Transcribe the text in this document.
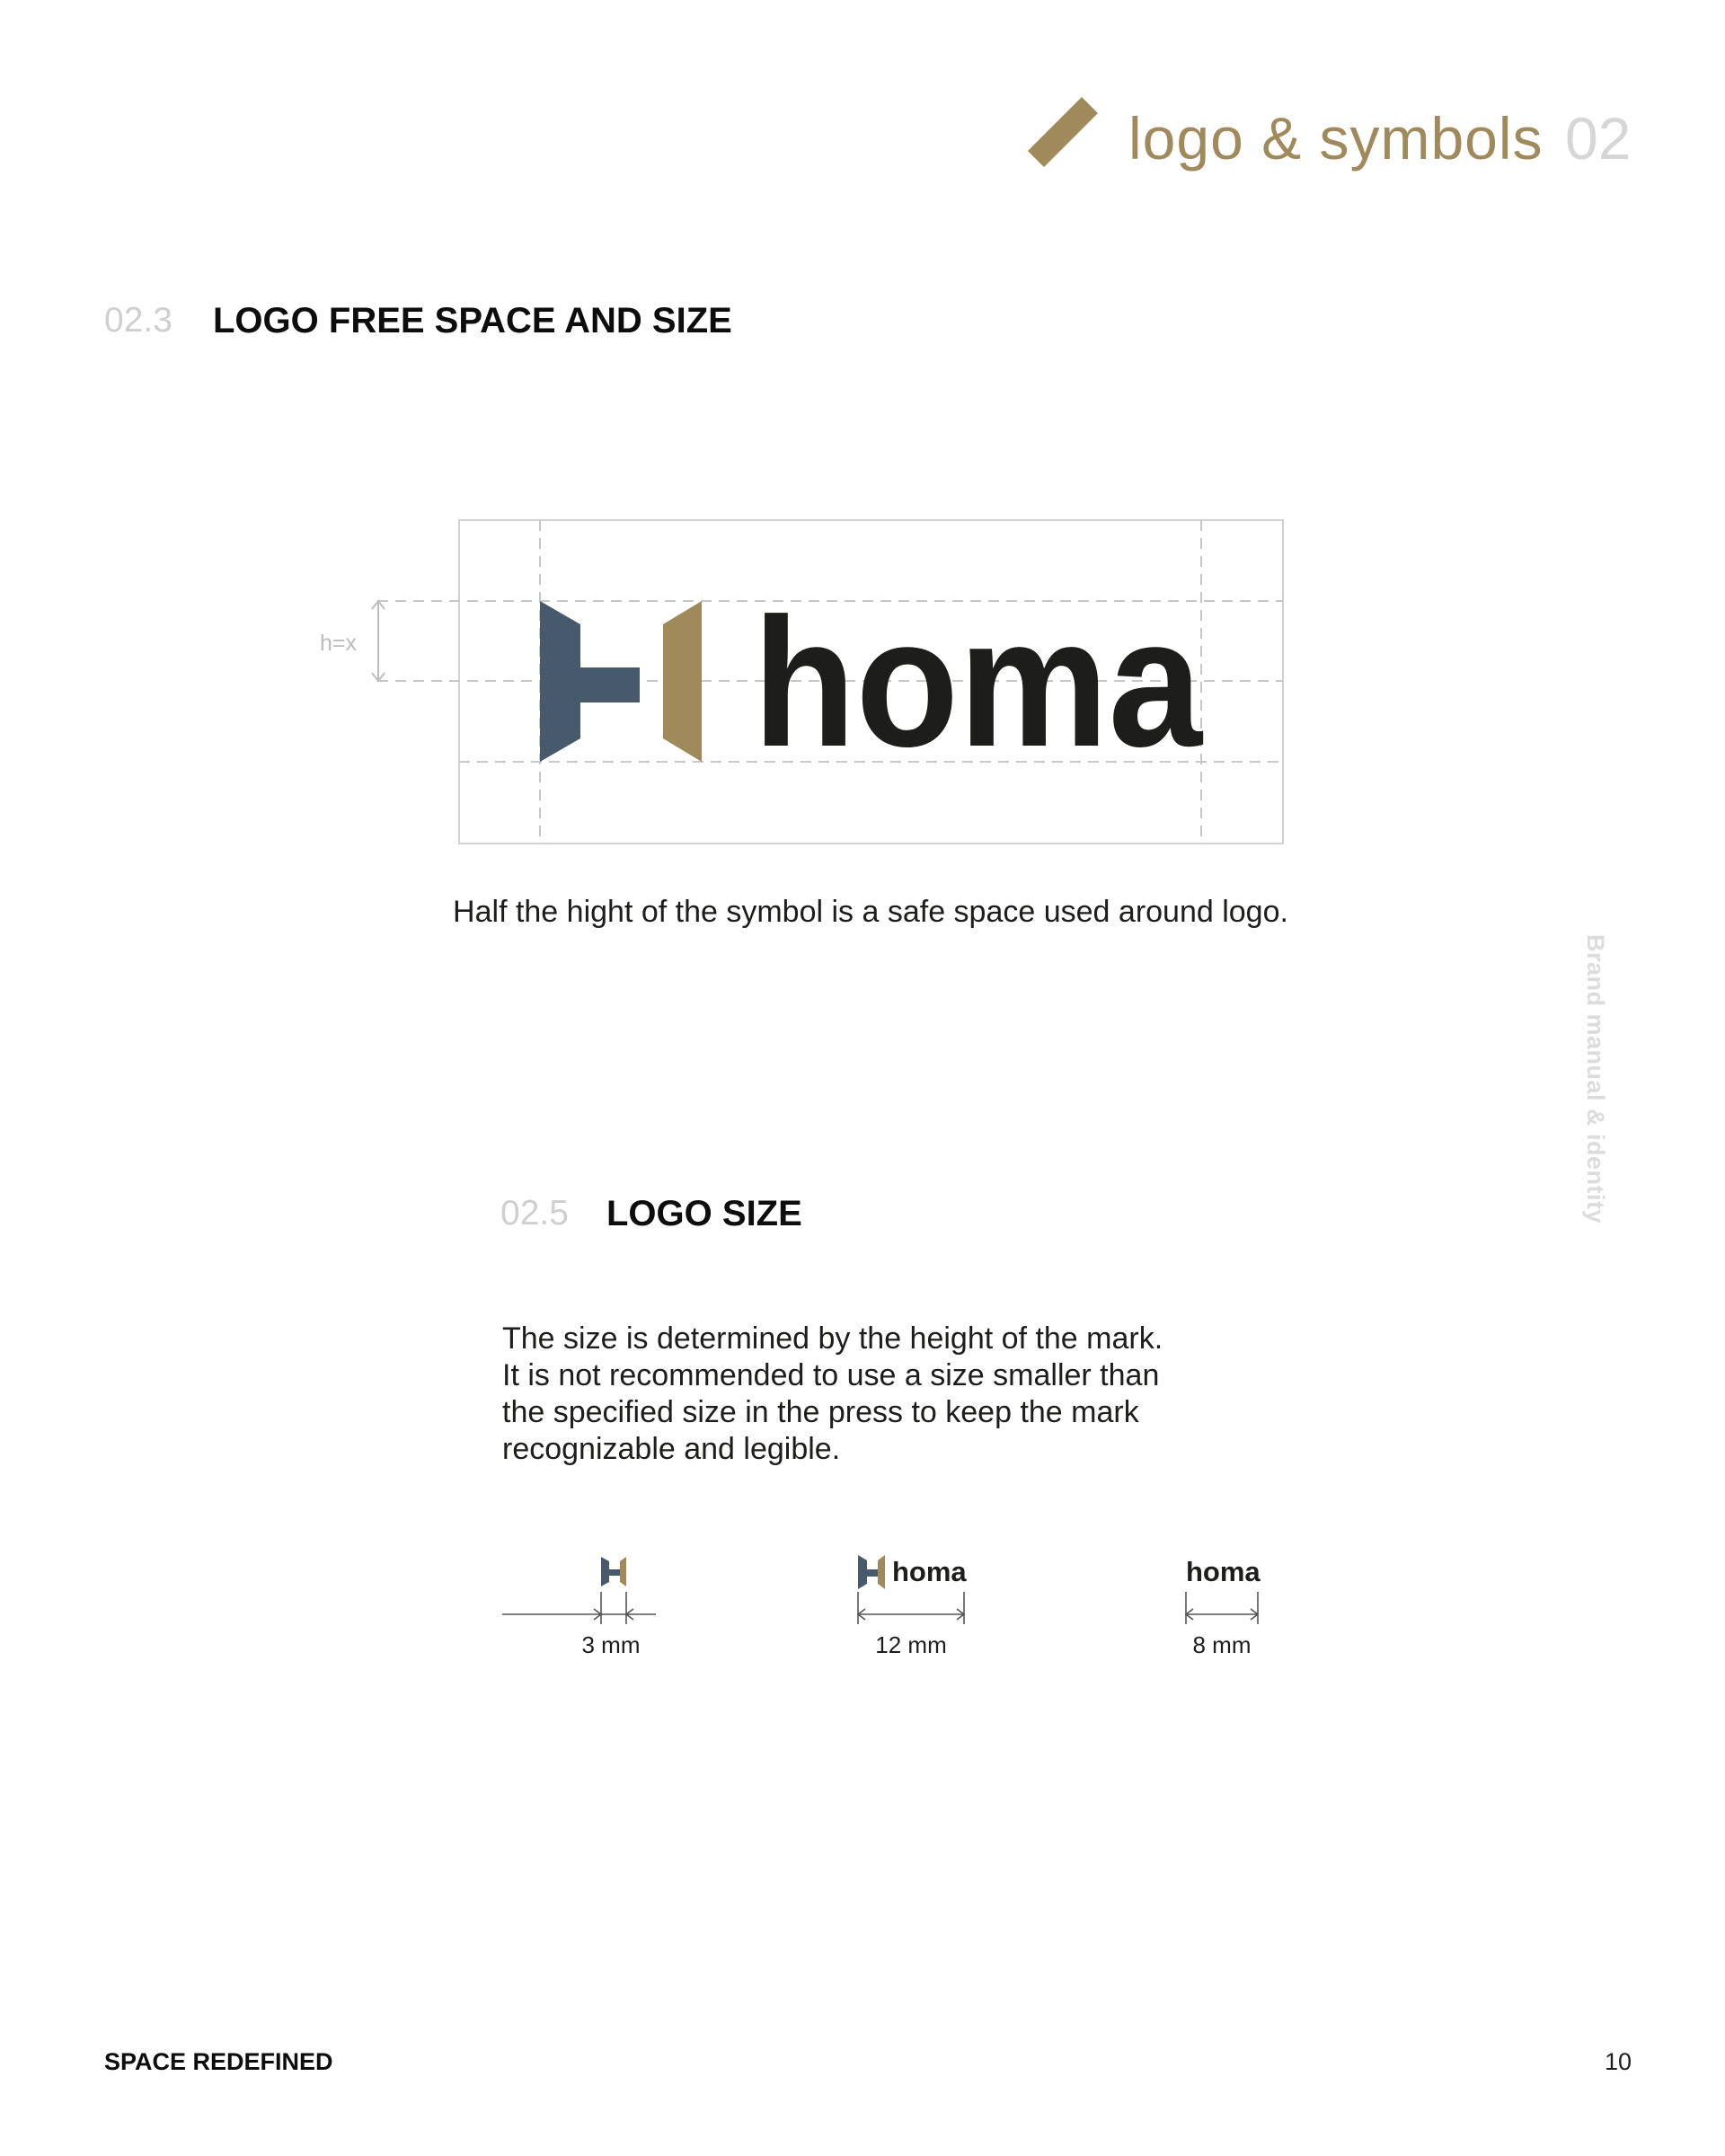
logo & symbols 02
02.3 LOGO FREE SPACE AND SIZE
h=x homa
Half the hight of the symbol is a safe space used around logo.
02.5 LOGO SIZE
The size is determined by the height of the mark.
It is not recommended to use a size smaller than
the specified size in the press to keep the mark
recognizable and legible.
3 mm
homa
12 mm
homa
8 mm
Brand manual & identity
SPACE REDEFINED	10
